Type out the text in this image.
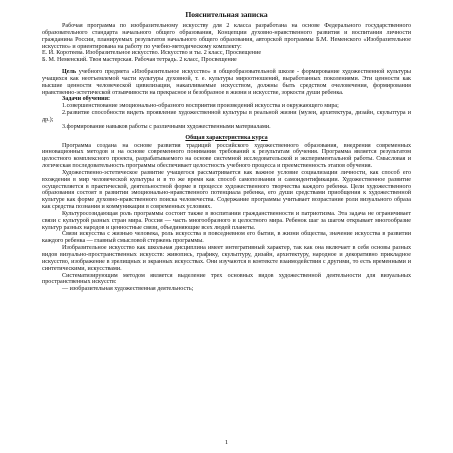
Пояснительная записка

Рабочая программа по изобразительному искусству для 2 класса разработана на основе Федерального государственного образовательного стандарта начального общего образования, Концепции духовно-нравственного развития и воспитания личности гражданина России, планируемых результатов начального общего образования, авторской программы Б.М. Неменского «Изобразительное искусство» и ориентирована на работу по учебно-методическому комплекту:

Е. И. Коротеева. Изобразительное искусство. Искусство и ты. 2 класс, Просвещение

Б. М. Неменский. Твоя мастерская. Рабочая тетрадь. 2 класс, Просвещение

Цель учебного предмета «Изобразительное искусство» в общеобразовательной школе - формирование художественной культуры учащихся как неотъемлемой части культуры духовной, т. е. культуры мироотношений, выработанных поколениями. Эти ценности как высшие ценности человеческой цивилизации, накапливаемые искусством, должны быть средством очеловечения, формирования нравственно-эстетической отзывчивости на прекрасное и безобразное в жизни и искусстве, зоркости души ребенка.

Задачи обучения:

1.совершенствование эмоционально-образного восприятия произведений искусства и окружающего мира;

2.развитие способности видеть проявление художественной культуры в реальной жизни (музеи, архитектура, дизайн, скульптура и др.);

3.формирование навыков работы с различными художественными материалами.

Общая характеристика курса

Программа создана на основе развития традиций российского художественного образования, внедрения современных инновационных методов и на основе современного понимания требований к результатам обучения. Программа является результатом целостного комплексного проекта, разрабатываемого на основе системной исследовательской и экспериментальной работы. Смысловая и логическая последовательность программы обеспечивает целостность учебного процесса и преемственность этапов обучения.

Художественно-эстетическое развитие учащегося рассматривается как важное условие социализации личности, как способ его вхождения в мир человеческой культуры и в то же время как способ самопознания и самоидентификации. Художественное развитие осуществляется в практической, деятельностной форме в процессе художественного творчества каждого ребенка. Цели художественного образования состоят в развитии эмоционально-нравственного потенциала ребенка, его души средствами приобщения к художественной культуре как форме духовно-нравственного поиска человечества. Содержание программы учитывает возрастание роли визуального образа как средства познания и коммуникации в современных условиях.

Культуросозидающая роль программы состоит также в воспитании гражданственности и патриотизма. Эта задача не ограничивает связи с культурой разных стран мира. Россия — часть многообразного и целостного мира. Ребенок шаг за шагом открывает многообразие культур разных народов и ценностные связи, объединяющие всех людей планеты.

Связи искусства с жизнью человека, роль искусства в повседневном его бытии, в жизни общества, значение искусства в развитии каждого ребенка — главный смысловой стержень программы.

Изобразительное искусство как школьная дисциплина имеет интегративный характер, так как она включает в себя основы разных видов визуально-пространственных искусств: живопись, графику, скульптуру, дизайн, архитектуру, народное и декоративно прикладное искусство, изображение в зрелищных и экранных искусствах. Они изучаются в контексте взаимодействия с другими, то есть временными и синтетическими, искусствами.

Систематизирующим методом является выделение трех основных видов художественной деятельности для визуальных пространственных искусств:

— изобразительная художественная деятельность;

1
